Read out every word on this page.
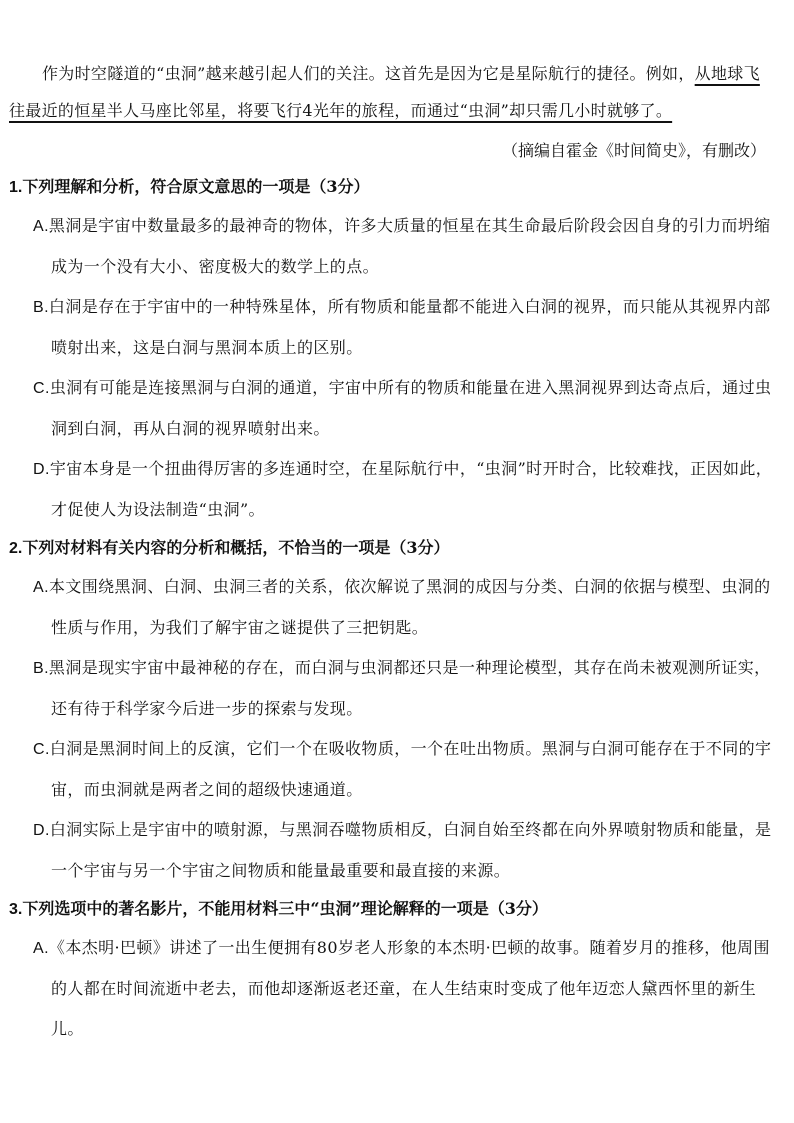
作为时空隧道的“虫洞”越来越引起人们的关注。这首先是因为它是星际航行的捷径。例如，从地球飞往最近的恒星半人马座比邻星，将要飞行4光年的旅程，而通过“虫洞”却只需几小时就够了。

（摘编自霍金《时间简史》，有删改）

1.下列理解和分析，符合原文意思的一项是（3分）

A.黑洞是宇宙中数量最多的最神奇的物体，许多大质量的恒星在其生命最后阶段会因自身的引力而坍缩成为一个没有大小、密度极大的数学上的点。

B.白洞是存在于宇宙中的一种特殊星体，所有物质和能量都不能进入白洞的视界，而只能从其视界内部喷射出来，这是白洞与黑洞本质上的区别。

C.虫洞有可能是连接黑洞与白洞的通道，宇宙中所有的物质和能量在进入黑洞视界到达奇点后，通过虫洞到白洞，再从白洞的视界喷射出来。

D.宇宙本身是一个扭曲得厉害的多连通时空，在星际航行中，“虫洞”时开时合，比较难找，正因如此，才促使人为设法制造“虫洞”。

2.下列对材料有关内容的分析和概括，不恰当的一项是（3分）

A.本文围绕黑洞、白洞、虫洞三者的关系，依次解说了黑洞的成因与分类、白洞的依据与模型、虫洞的性质与作用，为我们了解宇宙之谜提供了三把钥匙。

B.黑洞是现实宇宙中最神秘的存在，而白洞与虫洞都还只是一种理论模型，其存在尚未被观测所证实，还有待于科学家今后进一步的探索与发现。

C.白洞是黑洞时间上的反演，它们一个在吸收物质，一个在吐出物质。黑洞与白洞可能存在于不同的宇宙，而虫洞就是两者之间的超级快速通道。

D.白洞实际上是宇宙中的喷射源，与黑洞吞噬物质相反，白洞自始至终都在向外界喷射物质和能量，是一个宇宙与另一个宇宙之间物质和能量最重要和最直接的来源。

3.下列选项中的著名影片，不能用材料三中“虫洞”理论解释的一项是（3分）

A.《本杰明·巴顿》讲述了一出生便拥有80岁老人形象的本杰明·巴顿的故事。随着岁月的推移，他周围的人都在时间流逝中老去，而他却逐渐返老还童，在人生结束时变成了他年迈恋人黛西怀里的新生儿。
